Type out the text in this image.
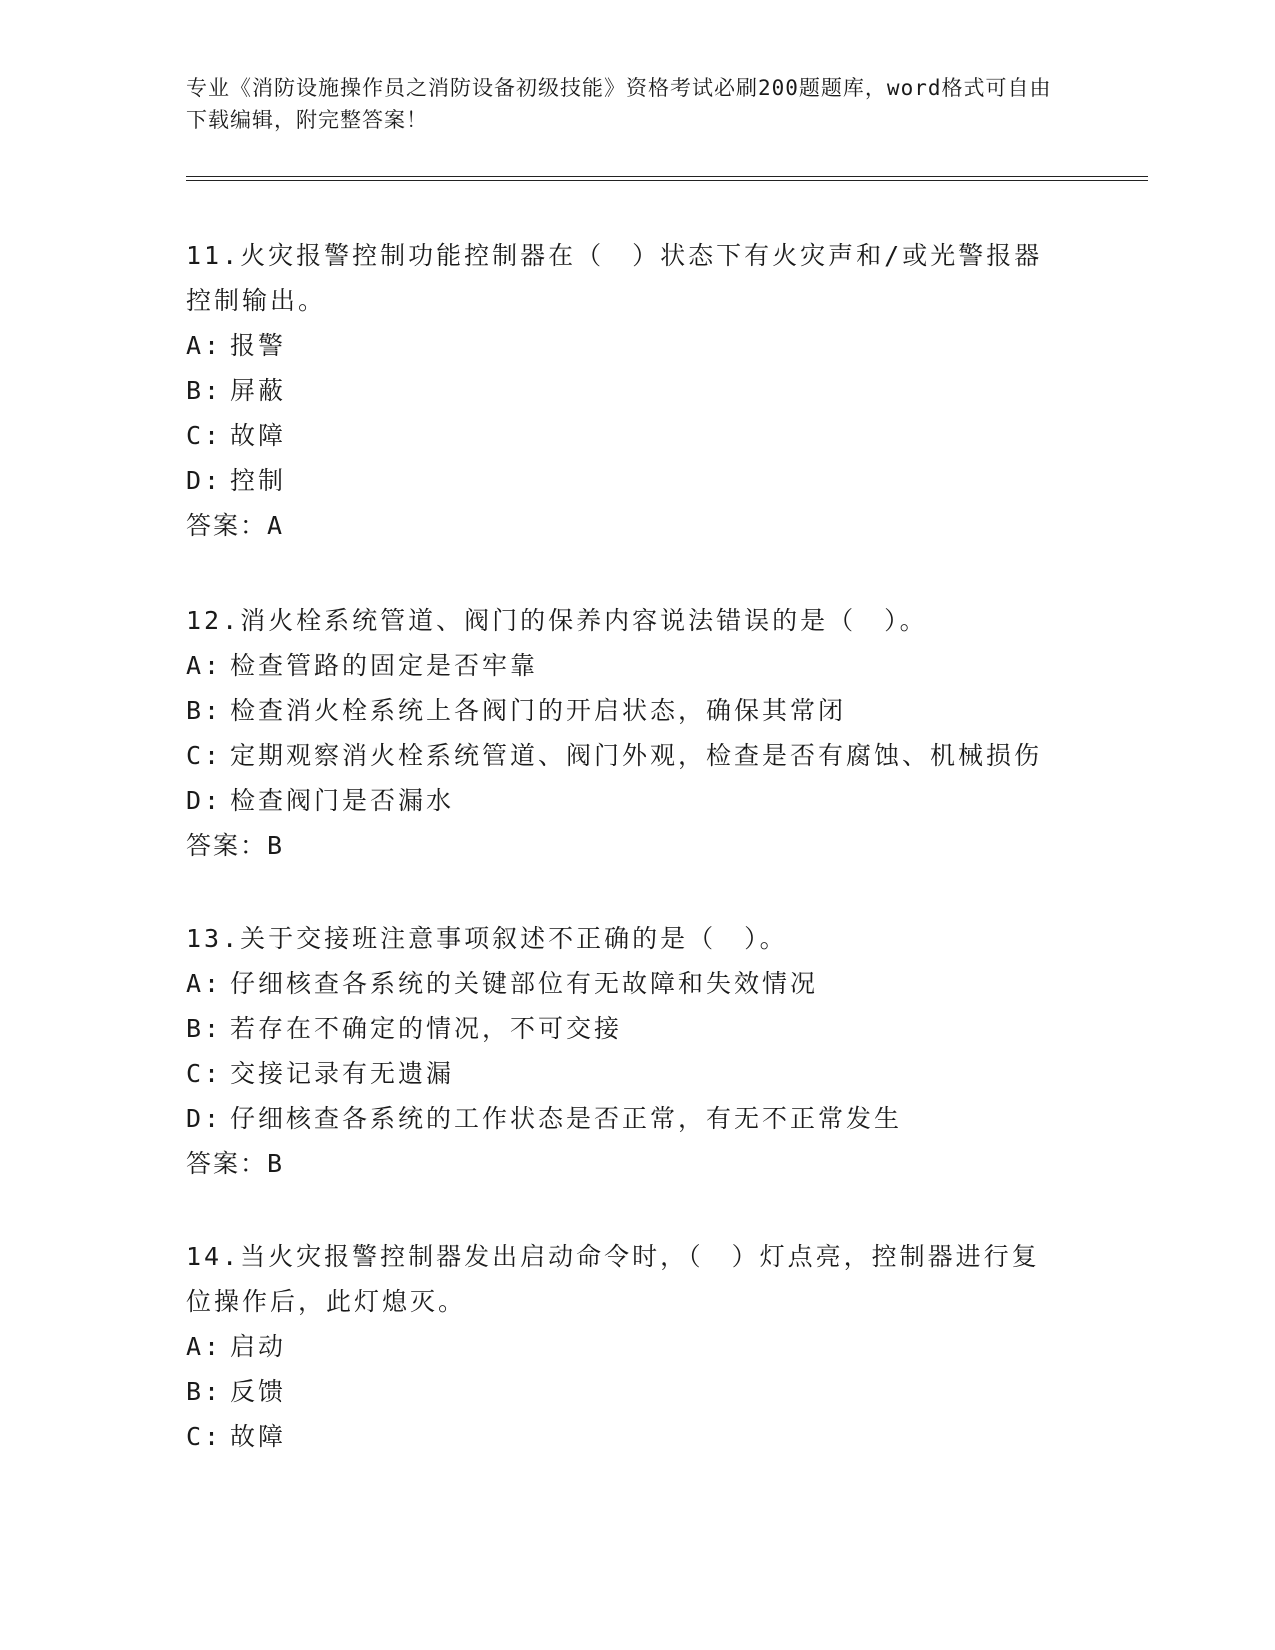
专业《消防设施操作员之消防设备初级技能》资格考试必刷200题题库，word格式可自由下载编辑，附完整答案！

11.火灾报警控制功能控制器在（　）状态下有火灾声和/或光警报器控制输出。

A: 报警
B: 屏蔽
C: 故障
D: 控制
答案：A

12.消火栓系统管道、阀门的保养内容说法错误的是（　）。

A: 检查管路的固定是否牢靠
B: 检查消火栓系统上各阀门的开启状态，确保其常闭
C: 定期观察消火栓系统管道、阀门外观，检查是否有腐蚀、机械损伤
D: 检查阀门是否漏水
答案：B

13.关于交接班注意事项叙述不正确的是（　）。

A: 仔细核查各系统的关键部位有无故障和失效情况
B: 若存在不确定的情况，不可交接
C: 交接记录有无遗漏
D: 仔细核查各系统的工作状态是否正常，有无不正常发生
答案：B

14.当火灾报警控制器发出启动命令时，（　）灯点亮，控制器进行复位操作后，此灯熄灭。

A: 启动
B: 反馈
C: 故障
